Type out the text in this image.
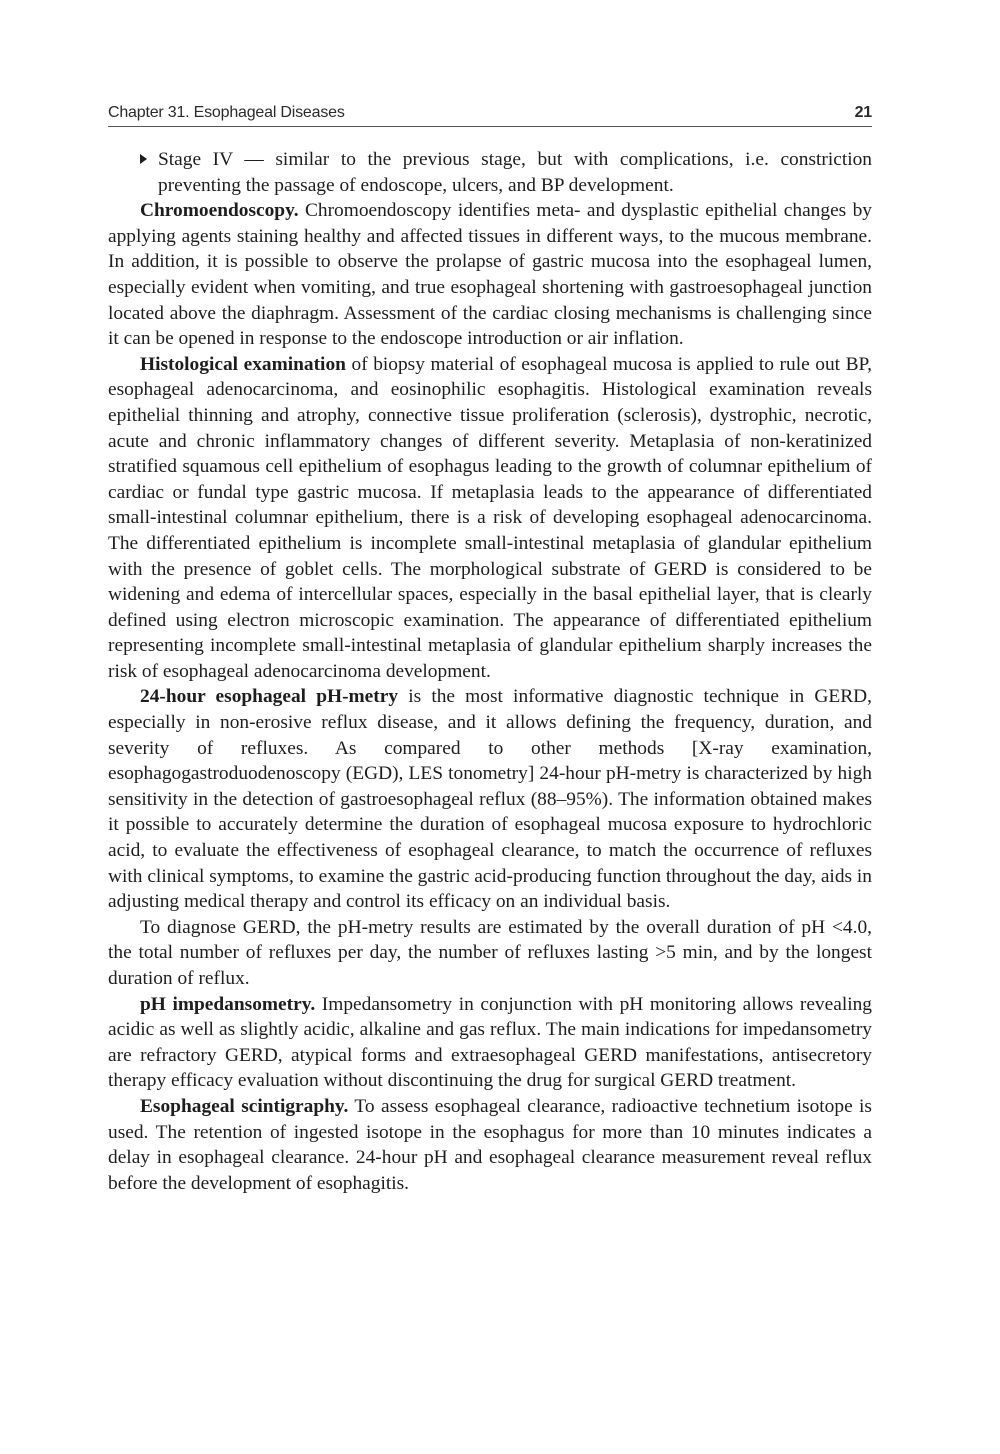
Chapter 31. Esophageal Diseases	21

Stage IV — similar to the previous stage, but with complications, i.e. constriction preventing the passage of endoscope, ulcers, and BP development.

Chromoendoscopy. Chromoendoscopy identifies meta- and dysplastic epithelial changes by applying agents staining healthy and affected tissues in different ways, to the mucous membrane. In addition, it is possible to observe the prolapse of gastric mucosa into the esophageal lumen, especially evident when vomiting, and true esophageal shortening with gastroesophageal junction located above the diaphragm. Assessment of the cardiac closing mechanisms is challenging since it can be opened in response to the endoscope introduction or air inflation.

Histological examination of biopsy material of esophageal mucosa is applied to rule out BP, esophageal adenocarcinoma, and eosinophilic esophagitis. Histological examination reveals epithelial thinning and atrophy, connective tissue proliferation (sclerosis), dystrophic, necrotic, acute and chronic inflammatory changes of different severity. Metaplasia of non-keratinized stratified squamous cell epithelium of esophagus leading to the growth of columnar epithelium of cardiac or fundal type gastric mucosa. If metaplasia leads to the appearance of differentiated small-intestinal columnar epithelium, there is a risk of developing esophageal adenocarcinoma. The differentiated epithelium is incomplete small-intestinal metaplasia of glandular epithelium with the presence of goblet cells. The morphological substrate of GERD is considered to be widening and edema of intercellular spaces, especially in the basal epithelial layer, that is clearly defined using electron microscopic examination. The appearance of differentiated epithelium representing incomplete small-intestinal metaplasia of glandular epithelium sharply increases the risk of esophageal adenocarcinoma development.

24-hour esophageal pH-metry is the most informative diagnostic technique in GERD, especially in non-erosive reflux disease, and it allows defining the frequency, duration, and severity of refluxes. As compared to other methods [X-ray examination, esophagogastroduodenoscopy (EGD), LES tonometry] 24-hour pH-metry is characterized by high sensitivity in the detection of gastroesophageal reflux (88–95%). The information obtained makes it possible to accurately determine the duration of esophageal mucosa exposure to hydrochloric acid, to evaluate the effectiveness of esophageal clearance, to match the occurrence of refluxes with clinical symptoms, to examine the gastric acid-producing function throughout the day, aids in adjusting medical therapy and control its efficacy on an individual basis.

To diagnose GERD, the pH-metry results are estimated by the overall duration of pH <4.0, the total number of refluxes per day, the number of refluxes lasting >5 min, and by the longest duration of reflux.

pH impedansometry. Impedansometry in conjunction with pH monitoring allows revealing acidic as well as slightly acidic, alkaline and gas reflux. The main indications for impedansometry are refractory GERD, atypical forms and extraesophageal GERD manifestations, antisecretory therapy efficacy evaluation without discontinuing the drug for surgical GERD treatment.

Esophageal scintigraphy. To assess esophageal clearance, radioactive technetium isotope is used. The retention of ingested isotope in the esophagus for more than 10 minutes indicates a delay in esophageal clearance. 24-hour pH and esophageal clearance measurement reveal reflux before the development of esophagitis.
